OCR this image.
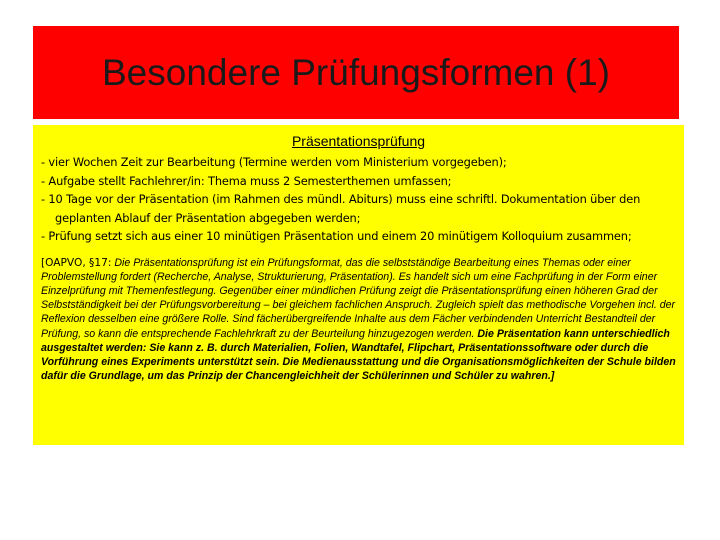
Besondere Prüfungsformen (1)
Präsentationsprüfung
- vier Wochen Zeit zur Bearbeitung (Termine werden vom Ministerium vorgegeben);
- Aufgabe stellt Fachlehrer/in: Thema muss 2 Semesterthemen umfassen;
- 10 Tage vor der Präsentation (im Rahmen des mündl. Abiturs) muss eine schriftl. Dokumentation über den geplanten Ablauf der Präsentation abgegeben werden;
- Prüfung setzt sich aus einer 10 minütigen Präsentation und einem 20 minütigem Kolloquium zusammen;
[OAPVO, §17: Die Präsentationsprüfung ist ein Prüfungsformat, das die selbstständige Bearbeitung eines Themas oder einer Problemstellung fordert (Recherche, Analyse, Strukturierung, Präsentation). Es handelt sich um eine Fachprüfung in der Form einer Einzelprüfung mit Themenfestlegung. Gegenüber einer mündlichen Prüfung zeigt die Präsentationsprüfung einen höheren Grad der Selbstständigkeit bei der Prüfungsvorbereitung – bei gleichem fachlichen Anspruch. Zugleich spielt das methodische Vorgehen incl. der Reflexion desselben eine größere Rolle. Sind fächerübergreifende Inhalte aus dem Fächer verbindenden Unterricht Bestandteil der Prüfung, so kann die entsprechende Fachlehrkraft zu der Beurteilung hinzugezogen werden. Die Präsentation kann unterschiedlich ausgestaltet werden: Sie kann z. B. durch Materialien, Folien, Wandtafel, Flipchart, Präsentationssoftware oder durch die Vorführung eines Experiments unterstützt sein. Die Medienausstattung und die Organisationsmöglichkeiten der Schule bilden dafür die Grundlage, um das Prinzip der Chancengleichheit der Schülerinnen und Schüler zu wahren.]
